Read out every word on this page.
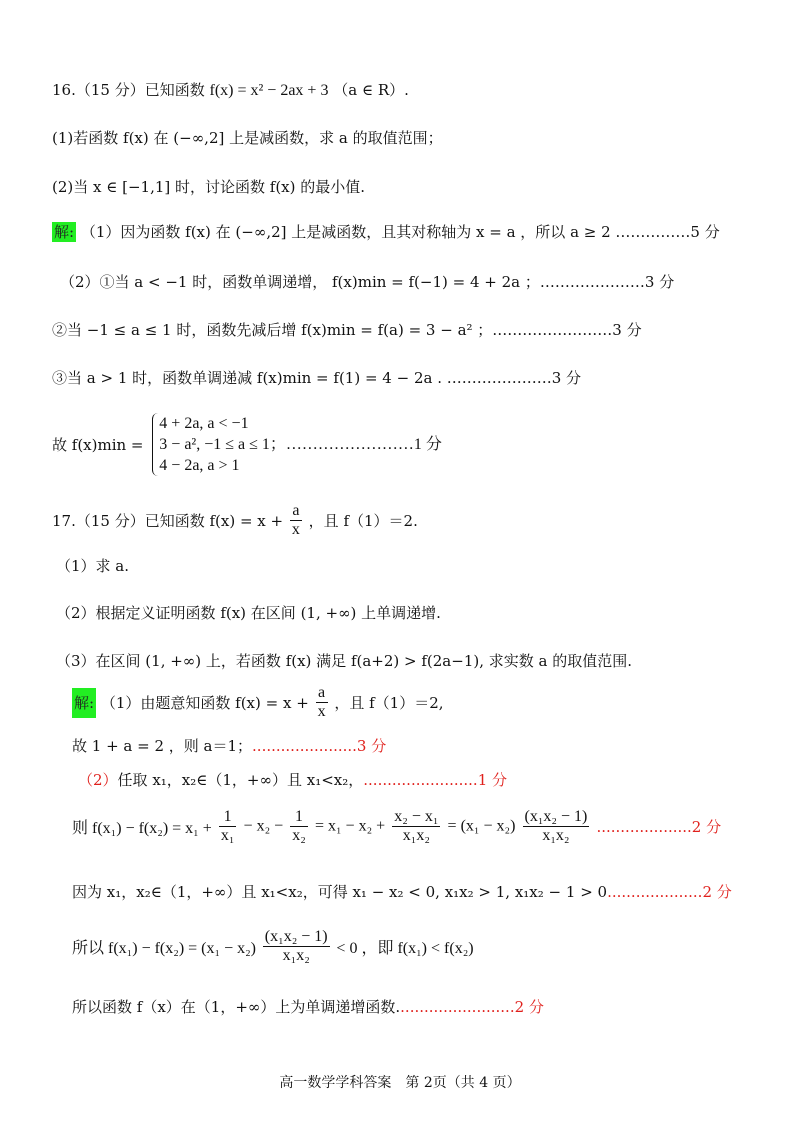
16.（15 分）已知函数 f(x) = x² − 2ax + 3 （a ∈ R）.
(1)若函数 f(x) 在 (−∞,2] 上是减函数，求 a 的取值范围；
(2)当 x ∈ [−1,1] 时，讨论函数 f(x) 的最小值.
解: （1）因为函数 f(x) 在 (−∞,2] 上是减函数，且其对称轴为 x = a ，所以 a ≥ 2 ……………5 分
（2）①当 a < −1 时，函数单调递增， f(x)min = f(−1) = 4 + 2a ；…………………3 分
②当 −1 ≤ a ≤ 1 时，函数先减后增 f(x)min = f(a) = 3 − a² ；……………………3 分
③当 a > 1 时，函数单调递减 f(x)min = f(1) = 4 − 2a . …………………3 分
故 f(x)min =
4 + 2a, a < −1
3 − a², −1 ≤ a ≤ 1；……………………1 分
4 − 2a, a > 1
17.（15 分）已知函数 $f(x) = x + \frac{a}{x}$ ，且 f（1）＝2.
（1）求 a.
（2）根据定义证明函数 f(x) 在区间 (1, +∞) 上单调递增.
（3）在区间 (1, +∞) 上，若函数 f(x) 满足 f(a+2) > f(2a−1), 求实数 a 的取值范围.
解: （1）由题意知函数 $f(x) = x + \frac{a}{x}$ ，且 f（1）＝2,
故 1 + a = 2 ，则 a＝1；......................3 分
（2）任取 x₁，x₂∈（1，+∞）且 x₁<x₂，........................1 分
则 $f(x_1) - f(x_2) = x_1 + \frac{1}{\text{x₁}} - x_2 - \frac{1}{\text{x₂}} = x_1 - x_2 + \frac{\text{x₂ − x₁}}{\text{x₁x₂}} = (x_1 - x_2) \frac{\text{(x₁x₂ − 1)}}{\text{x₁x₂}} ....................2$ 分
因为 x₁，x₂∈（1，+∞）且 x₁<x₂，可得 x₁ − x₂ < 0, x₁x₂ > 1, x₁x₂ − 1 > 0....................2 分
所以 $f(x_1) - f(x_2) = (x_1 - x_2) \frac{\text{(x₁x₂ − 1)}}{\text{x₁x₂}} < 0$ ，即 f(x₁) < f(x₂)
所以函数 f（x）在（1，+∞）上为单调递增函数.........................2 分
高一数学学科答案　第 2页（共 4 页）
